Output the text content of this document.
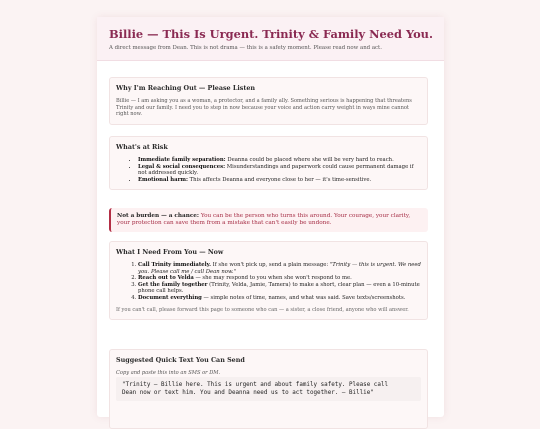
Billie — This Is Urgent. Trinity & Family Need You.
A direct message from Dean. This is not drama — this is a safety moment. Please read now and act.
Why I'm Reaching Out — Please Listen

Billie — I am asking you as a woman, a protector, and a family ally. Something serious is happening that threatens Trinity and our family. I need you to step in now because your voice and action carry weight in ways mine cannot right now.

What's at Risk
• Immediate family separation: Deanna could be placed where she will be very hard to reach.
• Legal & social consequences: Misunderstandings and paperwork could cause permanent damage if not addressed quickly.
• Emotional harm: This affects Deanna and everyone close to her — it's time-sensitive.
Not a burden — a chance: You can be the person who turns this around. Your courage, your clarity, your protection can save them from a mistake that can't easily be undone.
What I Need From You — Now
1. Call Trinity immediately. If she won't pick up, send a plain message: "Trinity — this is urgent. We need you. Please call me / call Dean now."
2. Reach out to Velda — she may respond to you when she won't respond to me.
3. Get the family together (Trinity, Velda, Jamie, Tamera) to make a short, clear plan — even a 10-minute phone call helps.
4. Document everything — simple notes of time, names, and what was said. Save texts/screenshots.
If you can't call, please forward this page to someone who can — a sister, a close friend, anyone who will answer.
Suggested Quick Text You Can Send

Copy and paste this into an SMS or DM.

"Trinity — Billie here. This is urgent and about family safety. Please call
Dean now or text him. You and Deanna need us to act together. — Billie"
